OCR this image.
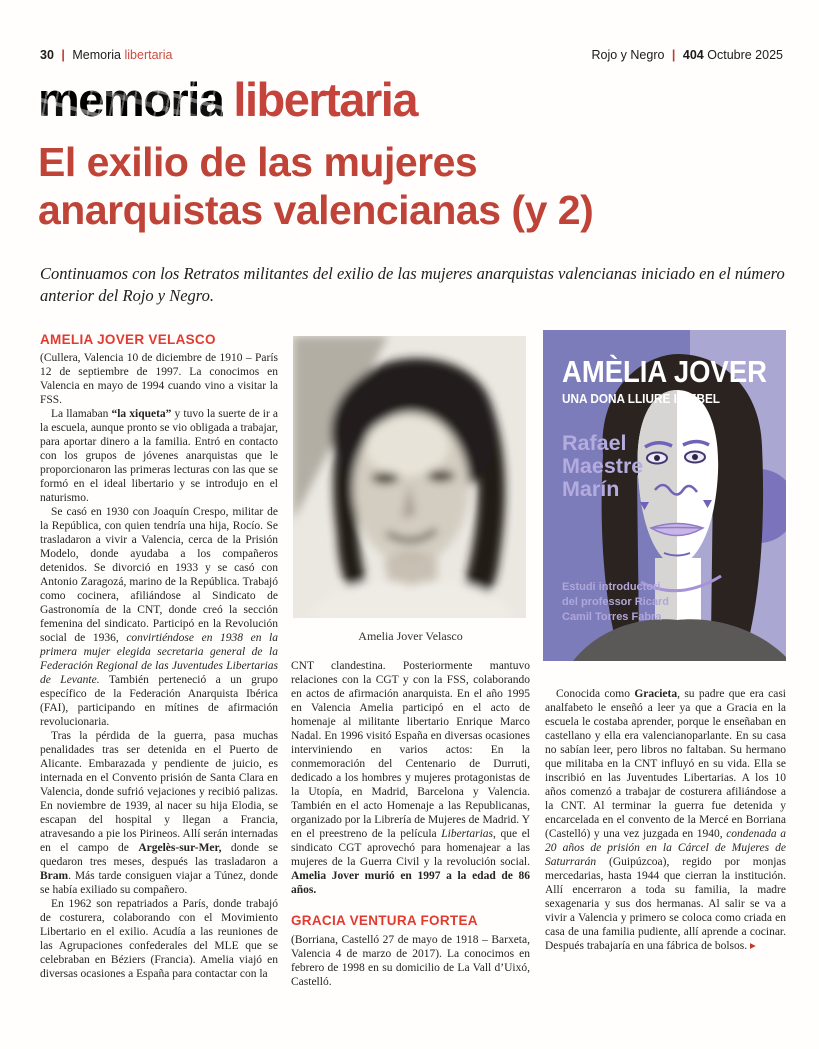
30 | Memoria libertaria	Rojo y Negro | 404 Octubre 2025
memoria libertaria
El exilio de las mujeres
anarquistas valencianas (y 2)

Continuamos con los Retratos militantes del exilio de las mujeres anarquistas valencianas iniciado en el número anterior del Rojo y Negro.

AMELIA JOVER VELASCO

(Cullera, Valencia 10 de diciembre de 1910 – París 12 de septiembre de 1997. La conocimos en Valencia en mayo de 1994 cuando vino a visitar la FSS.

La llamaban “la xiqueta” y tuvo la suerte de ir a la escuela, aunque pronto se vio obligada a trabajar, para aportar dinero a la familia. Entró en contacto con los grupos de jóvenes anarquistas que le proporcionaron las primeras lecturas con las que se formó en el ideal libertario y se introdujo en el naturismo.

Se casó en 1930 con Joaquín Crespo, militar de la República, con quien tendría una hija, Rocío. Se trasladaron a vivir a Valencia, cerca de la Prisión Modelo, donde ayudaba a los compañeros detenidos. Se divorció en 1933 y se casó con Antonio Zaragozá, marino de la República. Trabajó como cocinera, afiliándose al Sindicato de Gastronomía de la CNT, donde creó la sección femenina del sindicato. Participó en la Revolución social de 1936, convirtiéndose en 1938 en la primera mujer elegida secretaria general de la Federación Regional de las Juventudes Libertarias de Levante. También perteneció a un grupo específico de la Federación Anarquista Ibérica (FAI), participando en mítines de afirmación revolucionaria.

Tras la pérdida de la guerra, pasa muchas penalidades tras ser detenida en el Puerto de Alicante. Embarazada y pendiente de juicio, es internada en el Convento prisión de Santa Clara en Valencia, donde sufrió vejaciones y recibió palizas. En noviembre de 1939, al nacer su hija Elodia, se escapan del hospital y llegan a Francia, atravesando a pie los Pirineos. Allí serán internadas en el campo de Argelès-sur-Mer, donde se quedaron tres meses, después las trasladaron a Bram. Más tarde consiguen viajar a Túnez, donde se había exiliado su compañero.

En 1962 son repatriados a París, donde trabajó de costurera, colaborando con el Movimiento Libertario en el exilio. Acudía a las reuniones de las Agrupaciones confederales del MLE que se celebraban en Béziers (Francia). Amelia viajó en diversas ocasiones a España para contactar con la

Amelia Jover Velasco

CNT clandestina. Posteriormente mantuvo relaciones con la CGT y con la FSS, colaborando en actos de afirmación anarquista. En el año 1995 en Valencia Amelia participó en el acto de homenaje al militante libertario Enrique Marco Nadal. En 1996 visitó España en diversas ocasiones interviniendo en varios actos: En la conmemoración del Centenario de Durruti, dedicado a los hombres y mujeres protagonistas de la Utopía, en Madrid, Barcelona y Valencia. También en el acto Homenaje a las Republicanas, organizado por la Librería de Mujeres de Madrid. Y en el preestreno de la película Libertarias, que el sindicato CGT aprovechó para homenajear a las mujeres de la Guerra Civil y la revolución social. Amelia Jover murió en 1997 a la edad de 86 años.

GRACIA VENTURA FORTEA

(Borriana, Castelló 27 de mayo de 1918 – Barxeta, Valencia 4 de marzo de 2017). La conocimos en febrero de 1998 en su domicilio de La Vall d’Uixó, Castelló.

AMÈLIA JOVER
UNA DONA LLIURE I REBEL
Rafael
Maestre
Marín
Estudi introductori
del professor Ricard
Camil Torres Fabra

Conocida como Gracieta, su padre que era casi analfabeto le enseñó a leer ya que a Gracia en la escuela le costaba aprender, porque le enseñaban en castellano y ella era valencianoparlante. En su casa no sabían leer, pero libros no faltaban. Su hermano que militaba en la CNT influyó en su vida. Ella se inscribió en las Juventudes Libertarias. A los 10 años comenzó a trabajar de costurera afiliándose a la CNT. Al terminar la guerra fue detenida y encarcelada en el convento de la Mercé en Borriana (Castelló) y una vez juzgada en 1940, condenada a 20 años de prisión en la Cárcel de Mujeres de Saturrarán (Guipúzcoa), regido por monjas mercedarias, hasta 1944 que cierran la institución. Allí encerraron a toda su familia, la madre sexagenaria y sus dos hermanas. Al salir se va a vivir a Valencia y primero se coloca como criada en casa de una familia pudiente, allí aprende a cocinar. Después trabajaría en una fábrica de bolsos. ▸
